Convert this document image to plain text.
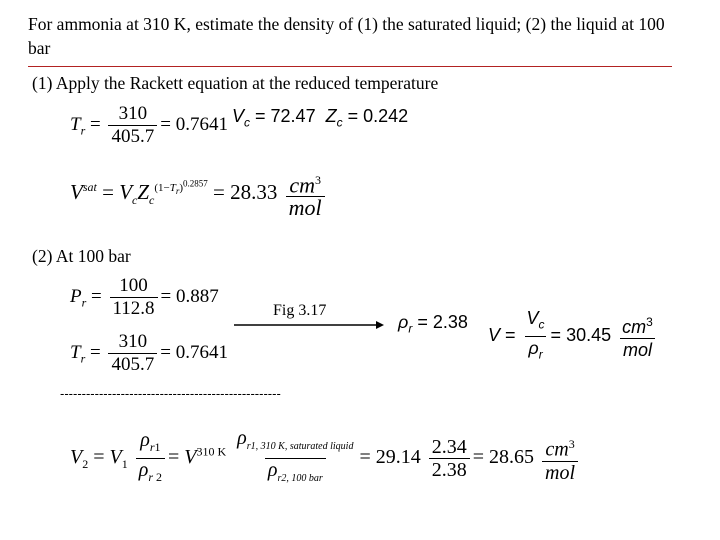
For ammonia at 310 K, estimate the density of (1) the saturated liquid; (2) the liquid at 100 bar
(1) Apply the Rackett equation at the reduced temperature
$T_r = \frac{310}{405.7} = 0.7641$ $V_c = 72.47$ $Z_c = 0.242$
$V^{sat} = V_cZ_c^{(1-T_r)^{0.2857}} = 28.33 \frac{cm^3}{\text{mol}}$
(2) At 100 bar
$P_r = \frac{100}{112.8} = 0.887$
$T_r = \frac{310}{405.7} = 0.7641$
Fig 3.17
$\rho_r = 2.38$
$V = \frac{V_c}{\rho_r} = 30.45 \frac{cm^3}{\text{mol}}$
---------------------------------------------------
$V_2 = V_1 \frac{\rho_{r1}}{\rho_{r 2}} = V^{310 K} \frac{\rho_{r1, 310 K, saturated liquid}}{\rho_{r2, 100 bar}} = 29.14 \frac{2.34}{2.38} = 28.65 \frac{cm^3}{\text{mol}}$
